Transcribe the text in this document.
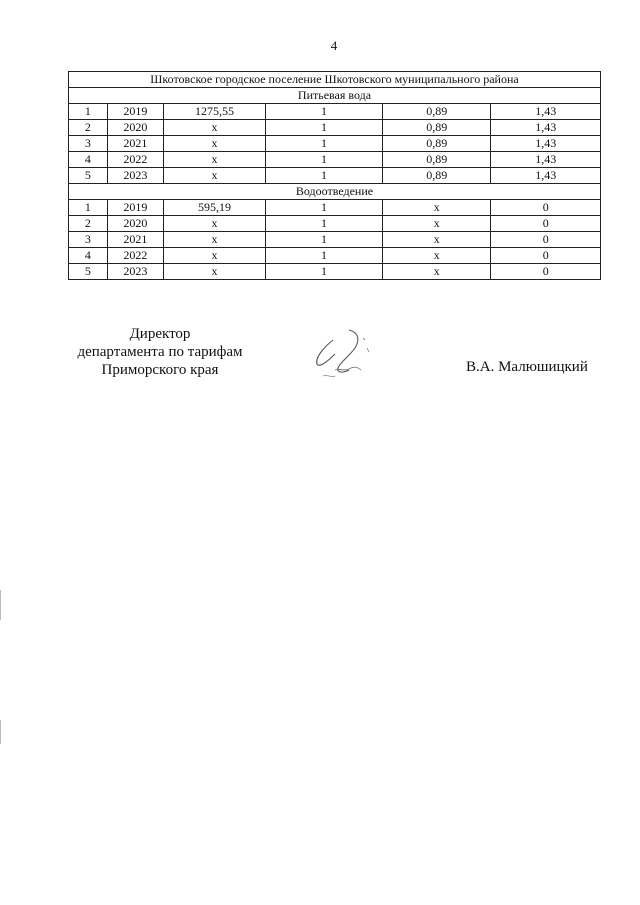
4
Шкотовское городское поселение Шкотовского муниципального района					
Питьевая вода					
1	2019	1275,55	1	0,89	1,43
2	2020	x	1	0,89	1,43
3	2021	x	1	0,89	1,43
4	2022	x	1	0,89	1,43
5	2023	x	1	0,89	1,43
Водоотведение					
1	2019	595,19	1	x	0
2	2020	x	1	x	0
3	2021	x	1	x	0
4	2022	x	1	x	0
5	2023	x	1	x	0
Директор
департамента по тарифам
Приморского края	В.А. Малюшицкий
